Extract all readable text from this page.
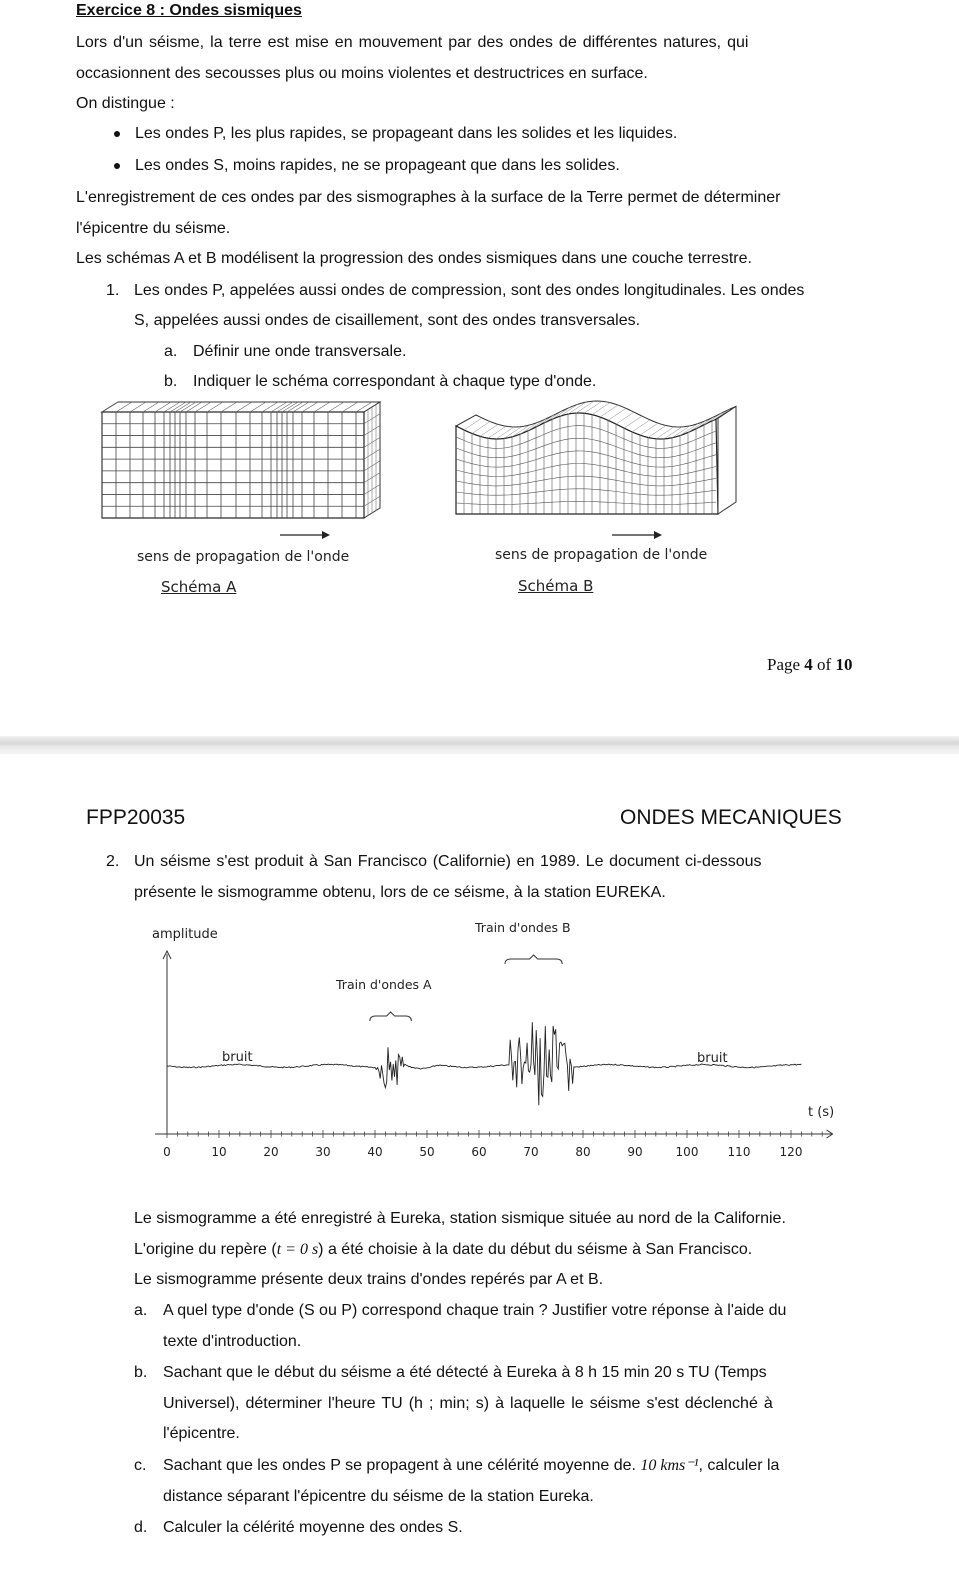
Exercice 8 : Ondes sismiques
Lors d'un séisme, la terre est mise en mouvement par des ondes de différentes natures, qui
occasionnent des secousses plus ou moins violentes et destructrices en surface.
On distingue :
Les ondes P, les plus rapides, se propageant dans les solides et les liquides.
Les ondes S, moins rapides, ne se propageant que dans les solides.
L'enregistrement de ces ondes par des sismographes à la surface de la Terre permet de déterminer
l'épicentre du séisme.
Les schémas A et B modélisent la progression des ondes sismiques dans une couche terrestre.
1. Les ondes P, appelées aussi ondes de compression, sont des ondes longitudinales. Les ondes
S, appelées aussi ondes de cisaillement, sont des ondes transversales.
a. Définir une onde transversale.
b. Indiquer le schéma correspondant à chaque type d'onde.
sens de propagation de l'onde
Schéma A
sens de propagation de l'onde
Schéma B
Page 4 of 10
FPP20035	ONDES MECANIQUES
2. Un séisme s'est produit à San Francisco (Californie) en 1989. Le document ci-dessous
présente le sismogramme obtenu, lors de ce séisme, à la station EUREKA.
amplitude	Train d'ondes B
Train d'ondes A
bruit	bruit
t (s)
0	10	20	30	40	50	60	70	80	90	100 110 120
Le sismogramme a été enregistré à Eureka, station sismique située au nord de la Californie.
L'origine du repère (t = 0 s) a été choisie à la date du début du séisme à San Francisco.
Le sismogramme présente deux trains d'ondes repérés par A et B.
a. A quel type d'onde (S ou P) correspond chaque train ? Justifier votre réponse à l'aide du
texte d'introduction.
b. Sachant que le début du séisme a été détecté à Eureka à 8 h 15 min 20 s TU (Temps
Universel), déterminer l'heure TU (h ; min; s) à laquelle le séisme s'est déclenché à
l'épicentre.
c. Sachant que les ondes P se propagent à une célérité moyenne de. 10 kms⁻¹, calculer la
distance séparant l'épicentre du séisme de la station Eureka.
d. Calculer la célérité moyenne des ondes S.
